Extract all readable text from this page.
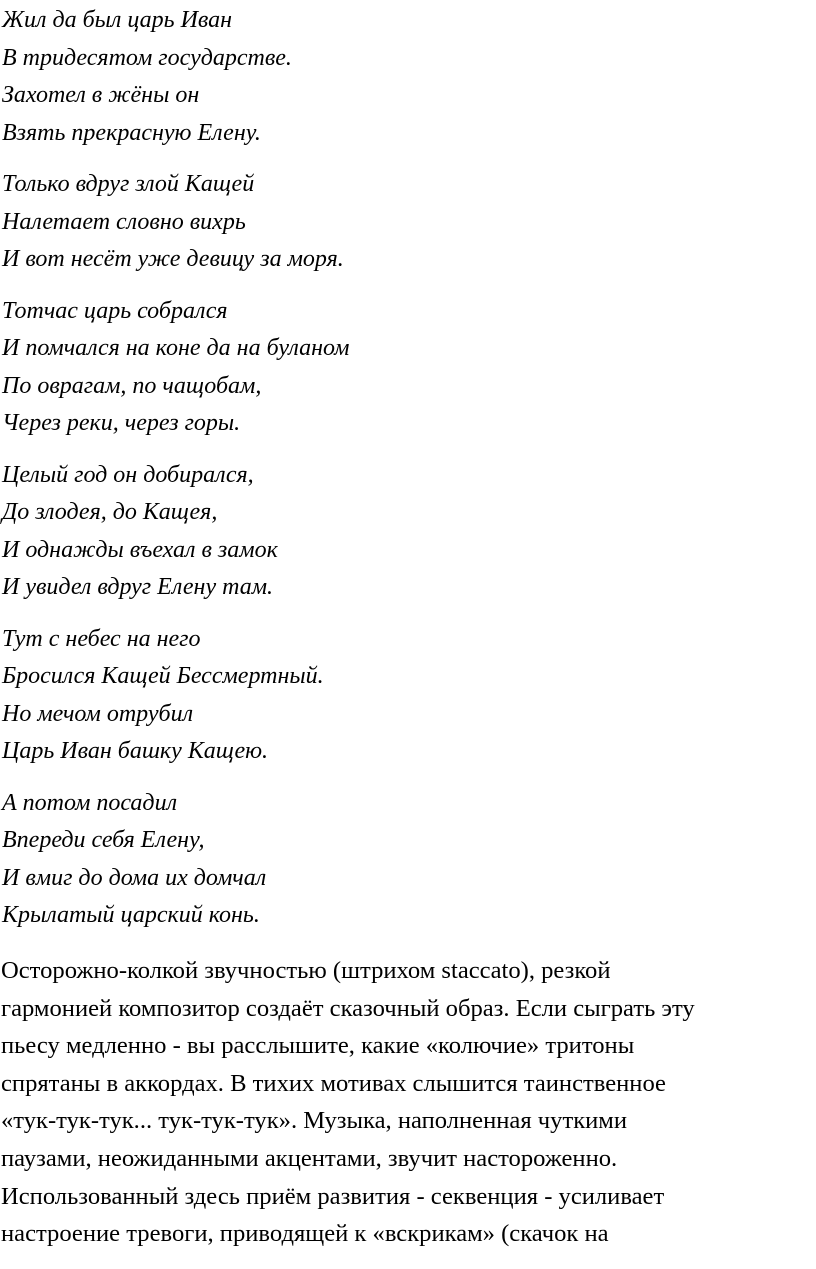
Жил да был царь Иван
В тридесятом государстве.
Захотел в жёны он
Взять прекрасную Елену.
Только вдруг злой Кащей
Налетает словно вихрь
И вот несёт уже девицу за моря.
Тотчас царь собрался
И помчался на коне да на буланом
По оврагам, по чащобам,
Через реки, через горы.
Целый год он добирался,
До злодея, до Кащея,
И однажды въехал в замок
И увидел вдруг Елену там.
Тут с небес на него
Бросился Кащей Бессмертный.
Но мечом отрубил
Царь Иван башку Кащею.
А потом посадил
Впереди себя Елену,
И вмиг до дома их домчал
Крылатый царский конь.
Осторожно-колкой звучностью (штрихом staccato), резкой
гармонией композитор создаёт сказочный образ. Если сыграть эту
пьесу медленно - вы расслышите, какие «колючие» тритоны
спрятаны в аккордах. В тихих мотивах слышится таинственное
«тук-тук-тук... тук-тук-тук». Музыка, наполненная чуткими
паузами, неожиданными акцентами, звучит настороженно.
Использованный здесь приём развития - секвенция - усиливает
настроение тревоги, приводящей к «вскрикам» (скачок на
